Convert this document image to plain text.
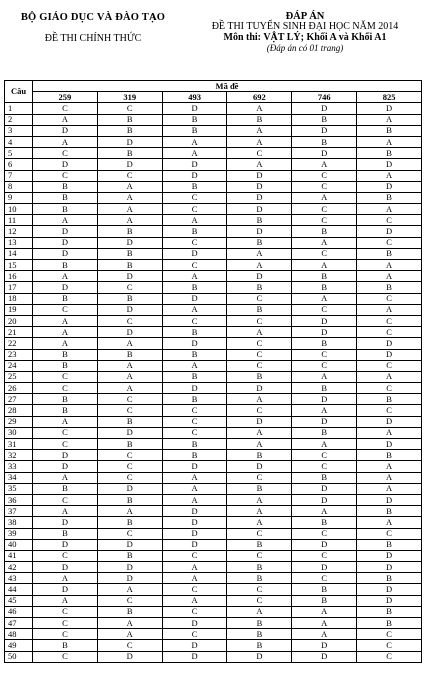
BỘ GIÁO DỤC VÀ ĐÀO TẠO
ĐỀ THI CHÍNH THỨC
ĐÁP ÁN
ĐỀ THI TUYỂN SINH ĐẠI HỌC NĂM 2014
Môn thi: VẬT LÝ; Khối A và Khối A1
(Đáp án có 01 trang)
Câu	Mã đề					
	259	319	493	692	746	825
1	C	C	D	A	D	D
2	A	B	B	B	B	A
3	D	B	B	A	D	B
4	A	D	A	A	B	A
5	C	B	A	C	D	B
6	D	D	D	A	A	D
7	C	C	D	D	C	A
8	B	A	B	D	C	D
9	B	A	C	D	A	B
10	B	A	C	D	C	A
11	A	A	A	B	C	C
12	D	B	B	D	B	D
13	D	D	C	B	A	C
14	D	B	D	A	C	B
15	B	B	C	A	A	A
16	A	D	A	D	B	A
17	D	C	B	B	B	B
18	B	B	D	C	A	C
19	C	D	A	B	C	A
20	A	C	C	C	D	C
21	A	D	B	A	D	C
22	A	A	D	C	B	D
23	B	B	B	C	C	D
24	B	A	A	C	C	C
25	C	A	B	B	A	A
26	C	A	D	D	B	C
27	B	C	B	A	D	B
28	B	C	C	C	A	C
29	A	B	C	D	D	D
30	C	D	C	A	B	A
31	C	B	B	A	A	D
32	D	C	B	B	C	B
33	D	C	D	D	C	A
34	A	C	A	C	B	A
35	B	D	A	B	D	A
36	C	B	A	A	D	D
37	A	A	D	A	A	B
38	D	B	D	A	B	A
39	B	C	D	C	C	C
40	D	D	D	B	D	B
41	C	B	C	C	C	D
42	D	D	A	B	D	D
43	A	D	A	B	C	B
44	D	A	C	C	B	D
45	A	C	A	C	B	D
46	C	B	C	A	A	B
47	C	A	D	B	A	B
48	C	A	C	B	A	C
49	B	C	D	B	D	C
50	C	D	D	D	D	C
